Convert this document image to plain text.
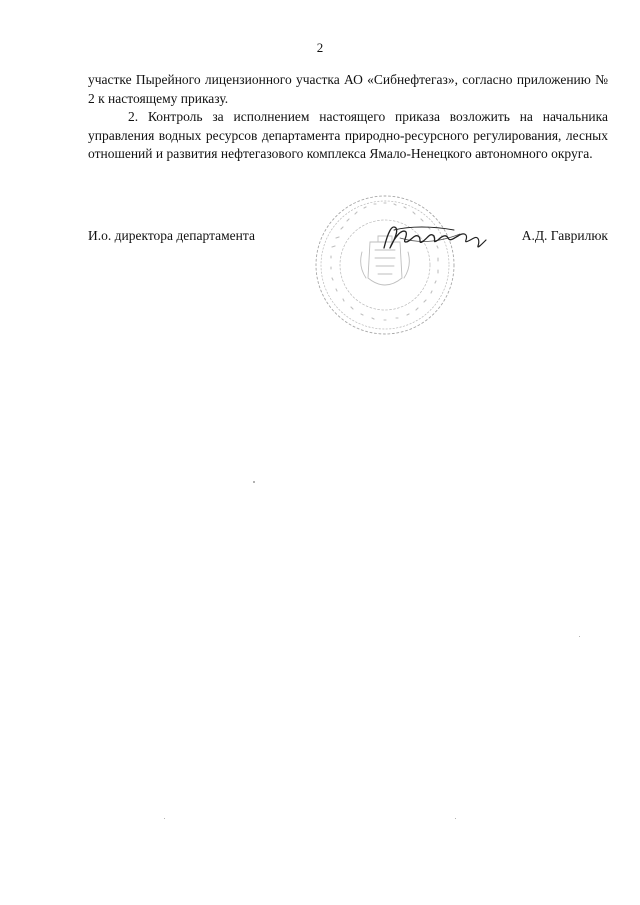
2

участке Пырейного лицензионного участка АО «Сибнефтегаз», согласно приложению № 2 к настоящему приказу.

2. Контроль за исполнением настоящего приказа возложить на начальника управления водных ресурсов департамента природно-ресурсного регулирования, лесных отношений и развития нефтегазового комплекса Ямало-Ненецкого автономного округа.

И.о. директора департамента	А.Д. Гаврилюк
